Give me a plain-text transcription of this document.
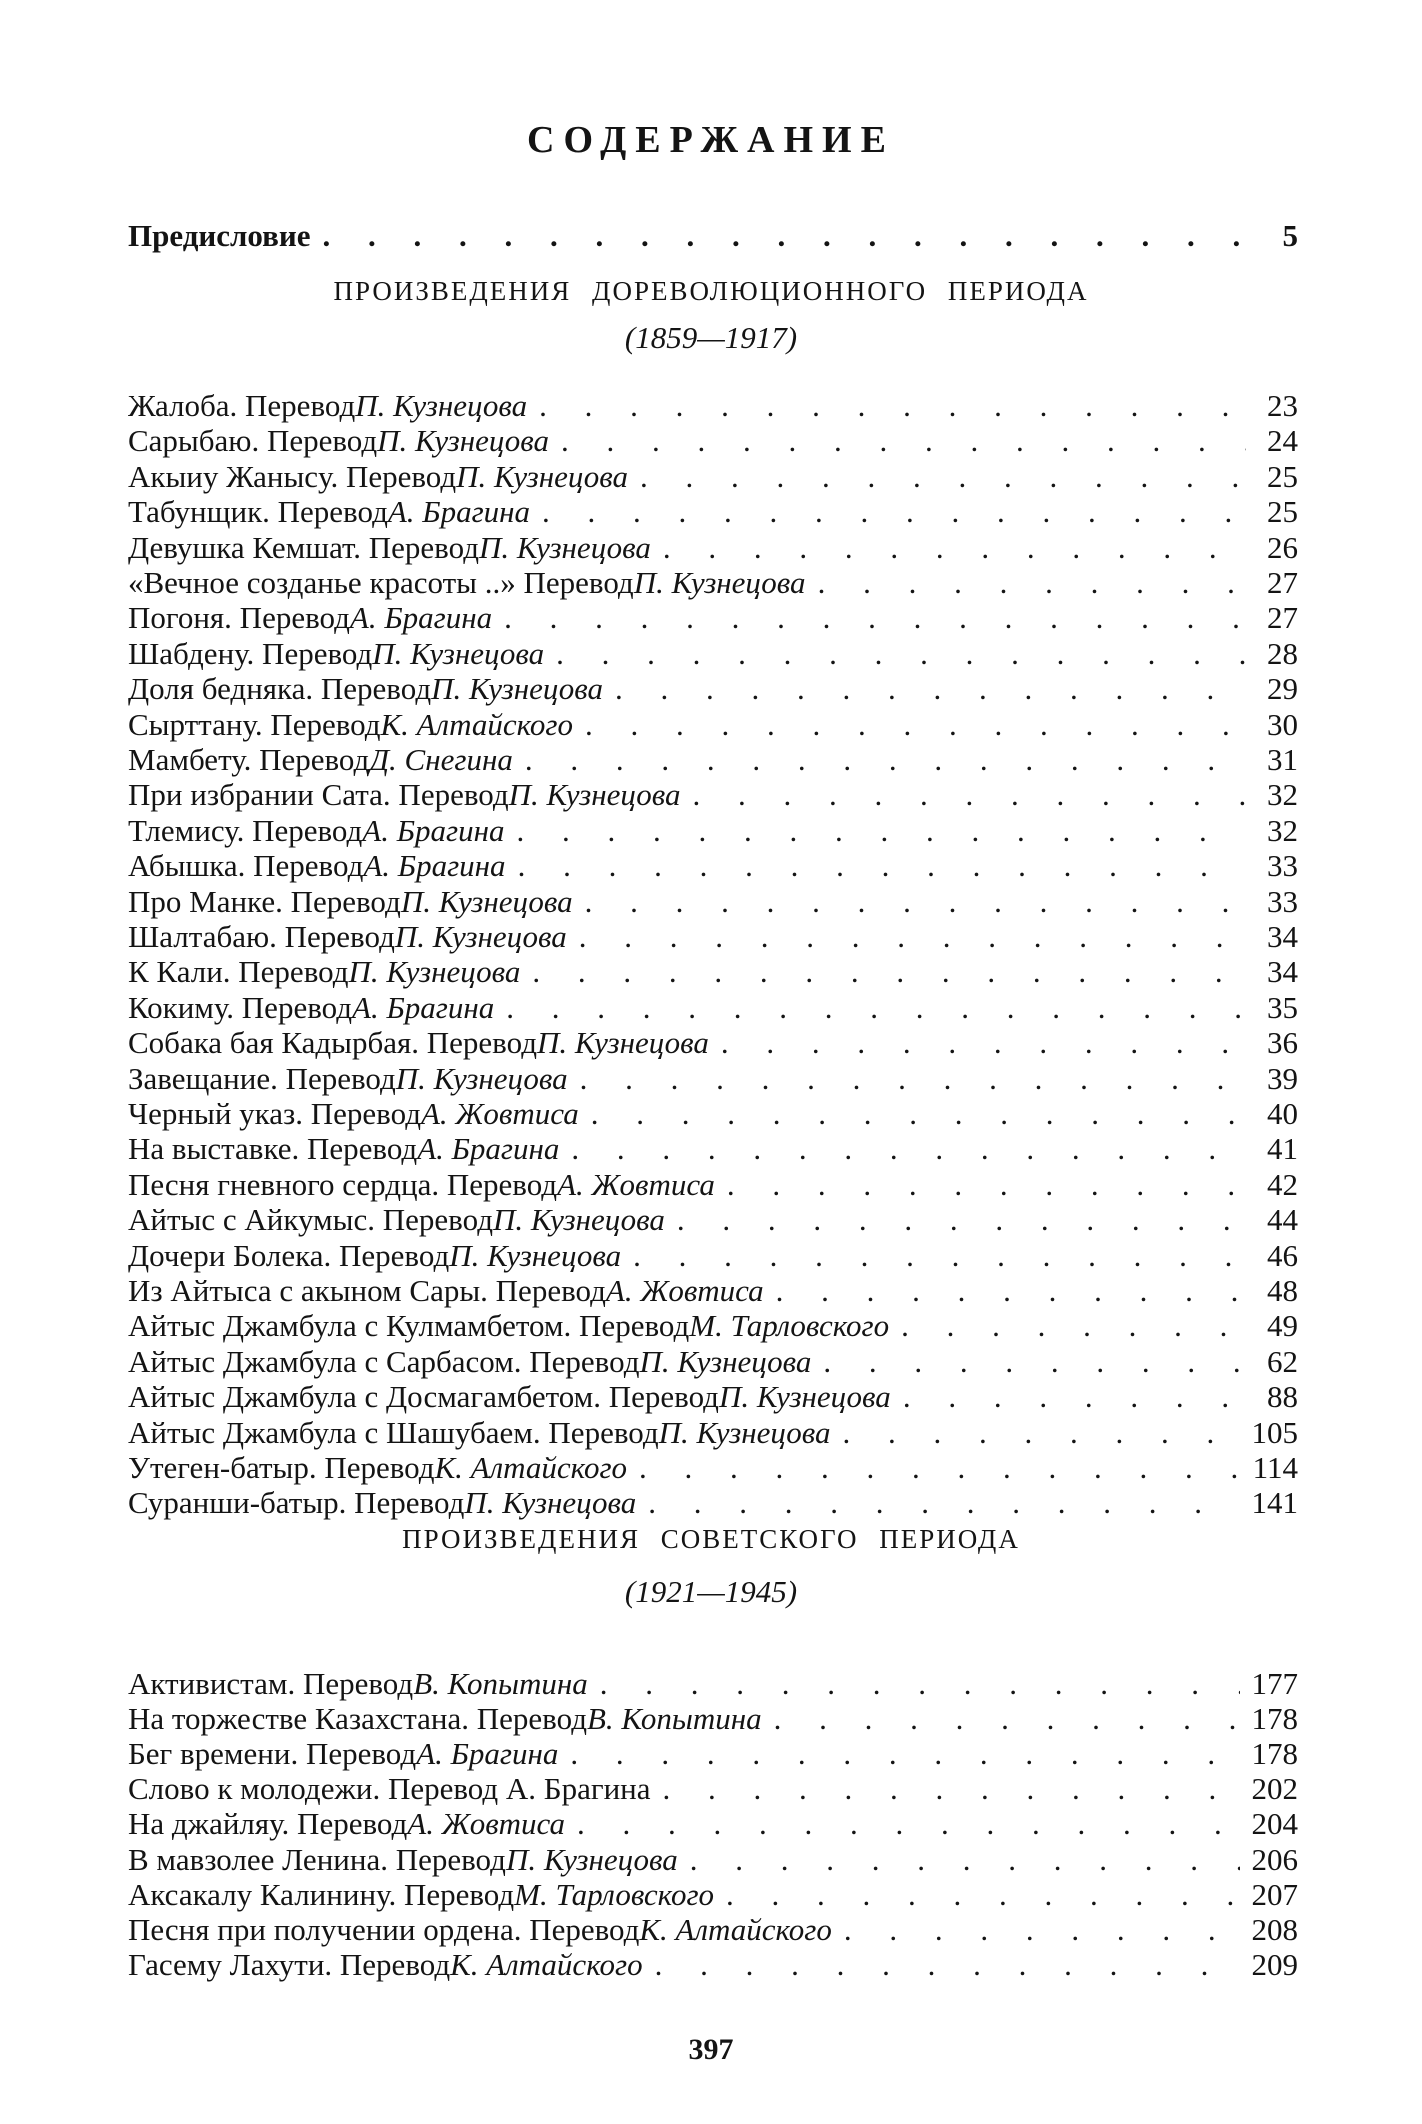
СОДЕРЖАНИЕ
Предисловие . . .	5
ПРОИЗВЕДЕНИЯ ДОРЕВОЛЮЦИОННОГО ПЕРИОДА
(1859—1917)
Жалоба. Перевод П. Кузнецова . . .	23
Сарыбаю. Перевод П. Кузнецова . . .	24
Акыиу Жаныcу. Перевод П. Кузнецова . . .	25
Табунщик. Перевод А. Брагина . . .	25
Девушка Кемшат. Перевод П. Кузнецова . . .	26
«Вечное созданье красоты ..» Перевод П. Кузнецова . . .	27
Погоня. Перевод А. Брагина . . .	27
Шабдену. Перевод П. Кузнецова . . .	28
Доля бедняка. Перевод П. Кузнецова . . .	29
Сырттану. Перевод К. Алтайского . . .	30
Мамбету. Перевод Д. Снегина . . .	31
При избрании Сата. Перевод П. Кузнецова . . .	32
Тлемису. Перевод А. Брагина . . .	32
Абышка. Перевод А. Брагина . . .	33
Про Манке. Перевод П. Кузнецова . . .	33
Шалтабаю. Перевод П. Кузнецова . . .	34
К Кали. Перевод П. Кузнецова . . .	34
Кокиму. Перевод А. Брагина . . .	35
Собака бая Кадырбая. Перевод П. Кузнецова . . .	36
Завещание. Перевод П. Кузнецова . . .	39
Черный указ. Перевод А. Жовтиса . . .	40
На выставке. Перевод А. Брагина . . .	41
Песня гневного сердца. Перевод А. Жовтиса . . .	42
Айтыс с Айкумыс. Перевод П. Кузнецова . . .	44
Дочери Болека. Перевод П. Кузнецова . . .	46
Из Айтыса с акыном Сары. Перевод А. Жовтиса . . .	48
Айтыс Джамбула с Кулмамбетом. Перевод М. Тарловского . . .	49
Айтыс Джамбула с Сарбасом. Перевод П. Кузнецова . . .	62
Айтыс Джамбула с Досмагамбетом. Перевод П. Кузнецова . . .	88
Айтыс Джамбула с Шашубаем. Перевод П. Кузнецова . . .	105
Утеген-батыр. Перевод К. Алтайского . . .	114
Суранши-батыр. Перевод П. Кузнецова . . .	141
ПРОИЗВЕДЕНИЯ СОВЕТСКОГО ПЕРИОДА
(1921—1945)
Активистам. Перевод В. Копытина . . .	177
На торжестве Казахстана. Перевод В. Копытина . . .	178
Бег времени. Перевод А. Брагина . . .	178
Слово к молодежи. Перевод А. Брагина . . .	202
На джайляу. Перевод А. Жовтиса . . .	204
В мавзолее Ленина. Перевод П. Кузнецова . . .	206
Аксакалу Калинину. Перевод М. Тарловского . . .	207
Песня при получении ордена. Перевод К. Алтайского . . .	208
Гасему Лахути. Перевод К. Алтайского . . .	209
397
